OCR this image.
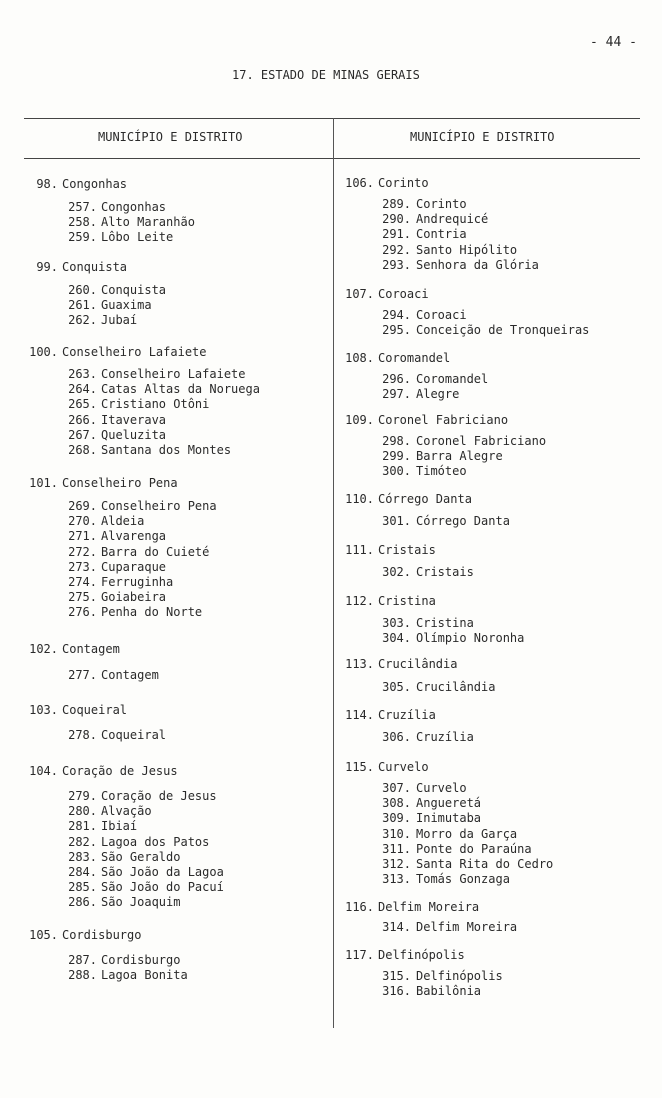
- 44 -
17. ESTADO DE MINAS GERAIS
MUNICÍPIO E DISTRITO	MUNICÍPIO E DISTRITO
98. Congonhas
257. Congonhas
258. Alto Maranhão
259. Lôbo Leite
99. Conquista
260. Conquista
261. Guaxima
262. Jubaí
100. Conselheiro Lafaiete
263. Conselheiro Lafaiete
264. Catas Altas da Noruega
265. Cristiano Otôni
266. Itaverava
267. Queluzita
268. Santana dos Montes
101. Conselheiro Pena
269. Conselheiro Pena
270. Aldeia
271. Alvarenga
272. Barra do Cuieté
273. Cuparaque
274. Ferruginha
275. Goiabeira
276. Penha do Norte
102. Contagem
277. Contagem
103. Coqueiral
278. Coqueiral
104. Coração de Jesus
279. Coração de Jesus
280. Alvação
281. Ibiaí
282. Lagoa dos Patos
283. São Geraldo
284. São João da Lagoa
285. São João do Pacuí
286. São Joaquim
105. Cordisburgo
287. Cordisburgo
288. Lagoa Bonita
106. Corinto
289. Corinto
290. Andrequicé
291. Contria
292. Santo Hipólito
293. Senhora da Glória
107. Coroaci
294. Coroaci
295. Conceição de Tronqueiras
108. Coromandel
296. Coromandel
297. Alegre
109. Coronel Fabriciano
298. Coronel Fabriciano
299. Barra Alegre
300. Timóteo
110. Córrego Danta
301. Córrego Danta
111. Cristais
302. Cristais
112. Cristina
303. Cristina
304. Olímpio Noronha
113. Crucilândia
305. Crucilândia
114. Cruzília
306. Cruzília
115. Curvelo
307. Curvelo
308. Angueretá
309. Inimutaba
310. Morro da Garça
311. Ponte do Paraúna
312. Santa Rita do Cedro
313. Tomás Gonzaga
116. Delfim Moreira
314. Delfim Moreira
117. Delfinópolis
315. Delfinópolis
316. Babilônia
